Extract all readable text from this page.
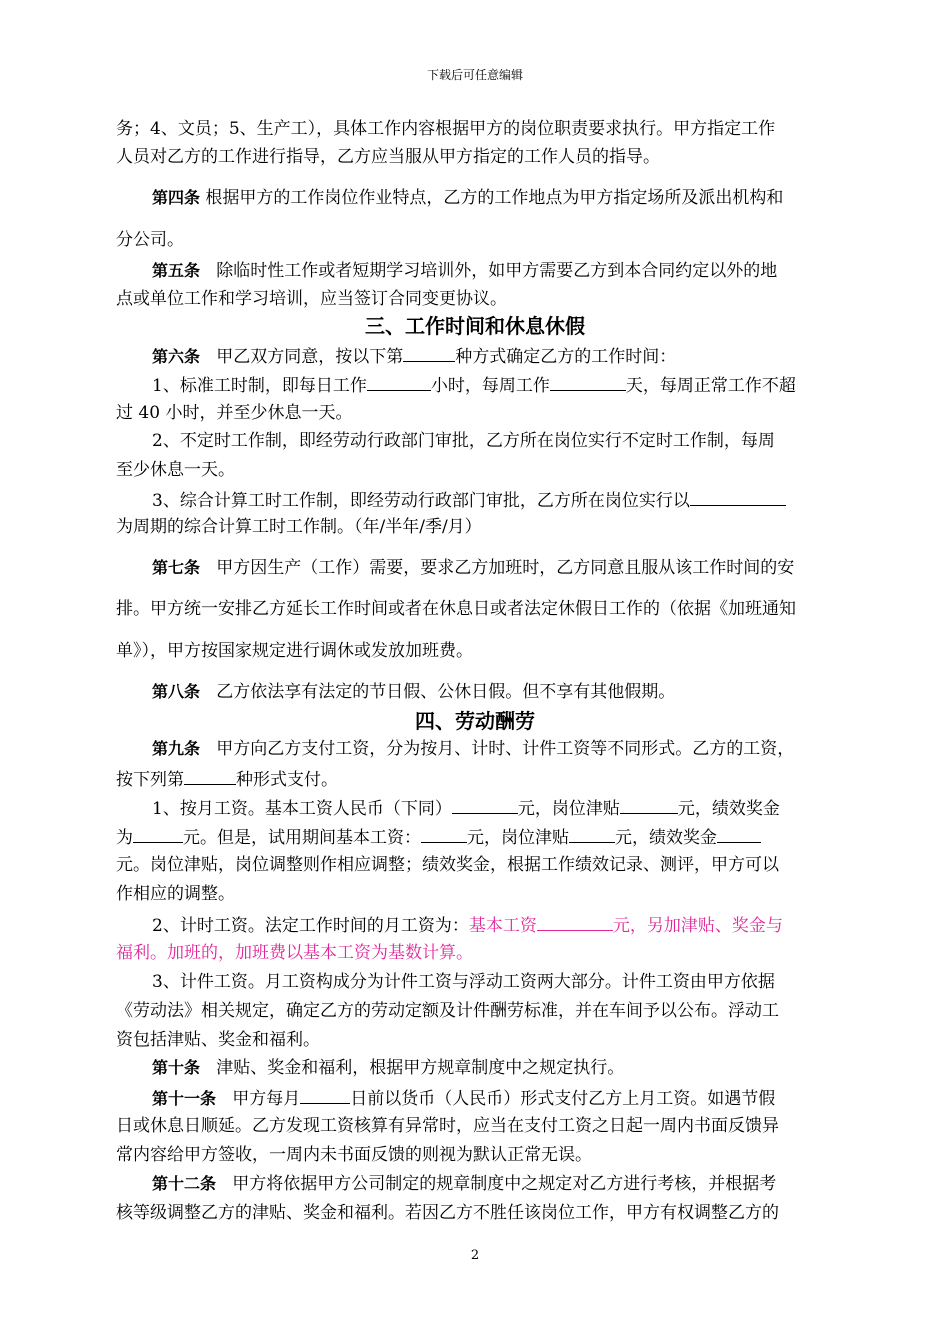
下载后可任意编辑
务；4、文员；5、生产工），具体工作内容根据甲方的岗位职责要求执行。甲方指定工作
人员对乙方的工作进行指导，乙方应当服从甲方指定的工作人员的指导。
第四条 根据甲方的工作岗位作业特点，乙方的工作地点为甲方指定场所及派出机构和
分公司。
第五条 除临时性工作或者短期学习培训外，如甲方需要乙方到本合同约定以外的地
点或单位工作和学习培训，应当签订合同变更协议。
三、工作时间和休息休假
第六条 甲乙双方同意，按以下第	种方式确定乙方的工作时间：
1、标准工时制，即每日工作	小时，每周工作	天，每周正常工作不超
过 40 小时，并至少休息一天。
2、不定时工作制，即经劳动行政部门审批，乙方所在岗位实行不定时工作制，每周
至少休息一天。
3、综合计算工时工作制，即经劳动行政部门审批，乙方所在岗位实行以
为周期的综合计算工时工作制。（年/半年/季/月）
第七条 甲方因生产（工作）需要，要求乙方加班时，乙方同意且服从该工作时间的安
排。甲方统一安排乙方延长工作时间或者在休息日或者法定休假日工作的（依据《加班通知
单》），甲方按国家规定进行调休或发放加班费。
第八条 乙方依法享有法定的节日假、公休日假。但不享有其他假期。
四、劳动酬劳
第九条 甲方向乙方支付工资，分为按月、计时、计件工资等不同形式。乙方的工资，
按下列第	种形式支付。
1、按月工资。基本工资人民币（下同）	元，岗位津贴	元，绩效奖金
为	元。但是，试用期间基本工资：	元，岗位津贴	元，绩效奖金
元。岗位津贴，岗位调整则作相应调整；绩效奖金，根据工作绩效记录、测评，甲方可以
作相应的调整。
2、计时工资。法定工作时间的月工资为：基本工资	元，另加津贴、奖金与
福利。加班的，加班费以基本工资为基数计算。
3、计件工资。月工资构成分为计件工资与浮动工资两大部分。计件工资由甲方依据
《劳动法》相关规定，确定乙方的劳动定额及计件酬劳标准，并在车间予以公布。浮动工
资包括津贴、奖金和福利。
第十条 津贴、奖金和福利，根据甲方规章制度中之规定执行。
第十一条 甲方每月	日前以货币（人民币）形式支付乙方上月工资。如遇节假
日或休息日顺延。乙方发现工资核算有异常时，应当在支付工资之日起一周内书面反馈异
常内容给甲方签收，一周内未书面反馈的则视为默认正常无误。
第十二条 甲方将依据甲方公司制定的规章制度中之规定对乙方进行考核，并根据考
核等级调整乙方的津贴、奖金和福利。若因乙方不胜任该岗位工作，甲方有权调整乙方的
2
